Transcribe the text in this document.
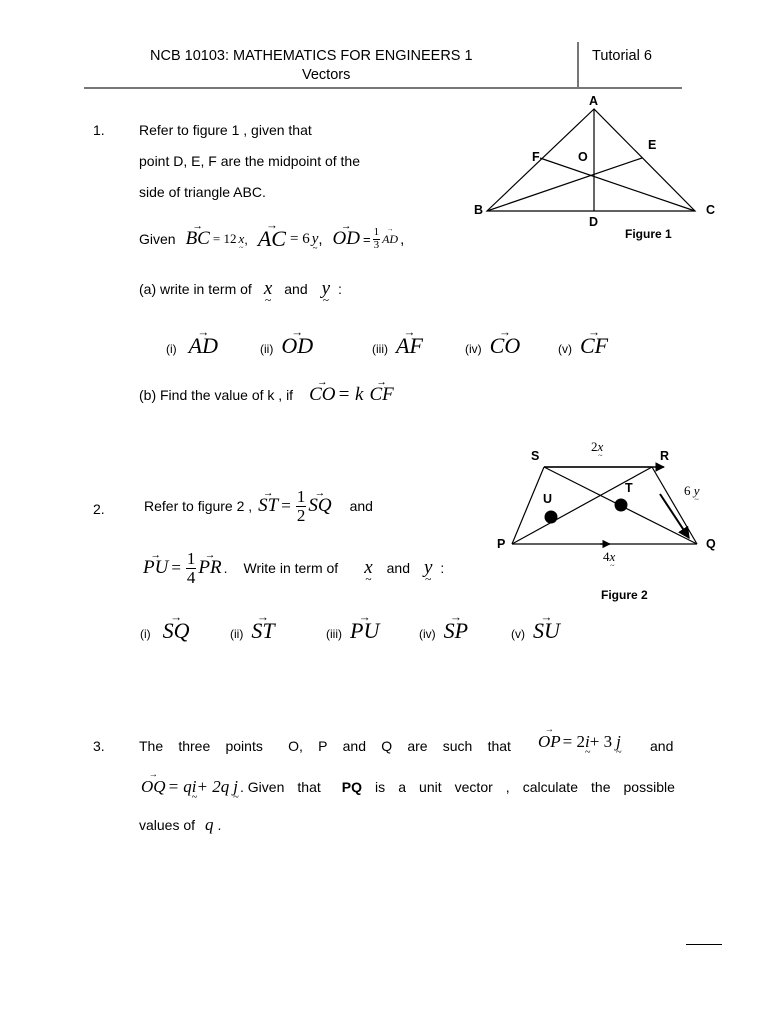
NCB 10103: MATHEMATICS FOR ENGINEERS 1
Vectors
Tutorial 6
A
B	C
D
E
F	O
Figure 1
1. Refer to figure 1 , given that
point D, E, F are the midpoint of the
side of triangle ABC.
Given → BC = 12 x ~ , → AC = 6 y ~ , → OD = $\frac{1}{3}$ → AD ,
(a) write in term of x ~ and y ~ :
(i) → AD	(ii) → OD	(iii) → AF	(iv) → CO	(v) → CF
(b) Find the value of k , if → CO = k → CF
S	R
P	Q
T
U
2x ~
6 y ~
4x ~
Figure 2
2.	Refer to figure 2 , → ST = $\frac{1}{2}$ → SQ and
→ PU = $\frac{1}{4}$ → PR . Write in term of x ~ and y ~ :
(i) → SQ	(ii) → ST	(iii) → PU	(iv) → SP	(v) → SU
3. The three points O, P and Q are such that → OP = 2 i ~ + 3 j ~ and
→ OQ = q i ~ + 2q j ~ . Given that PQ is a unit vector , calculate the possible
values of q .
